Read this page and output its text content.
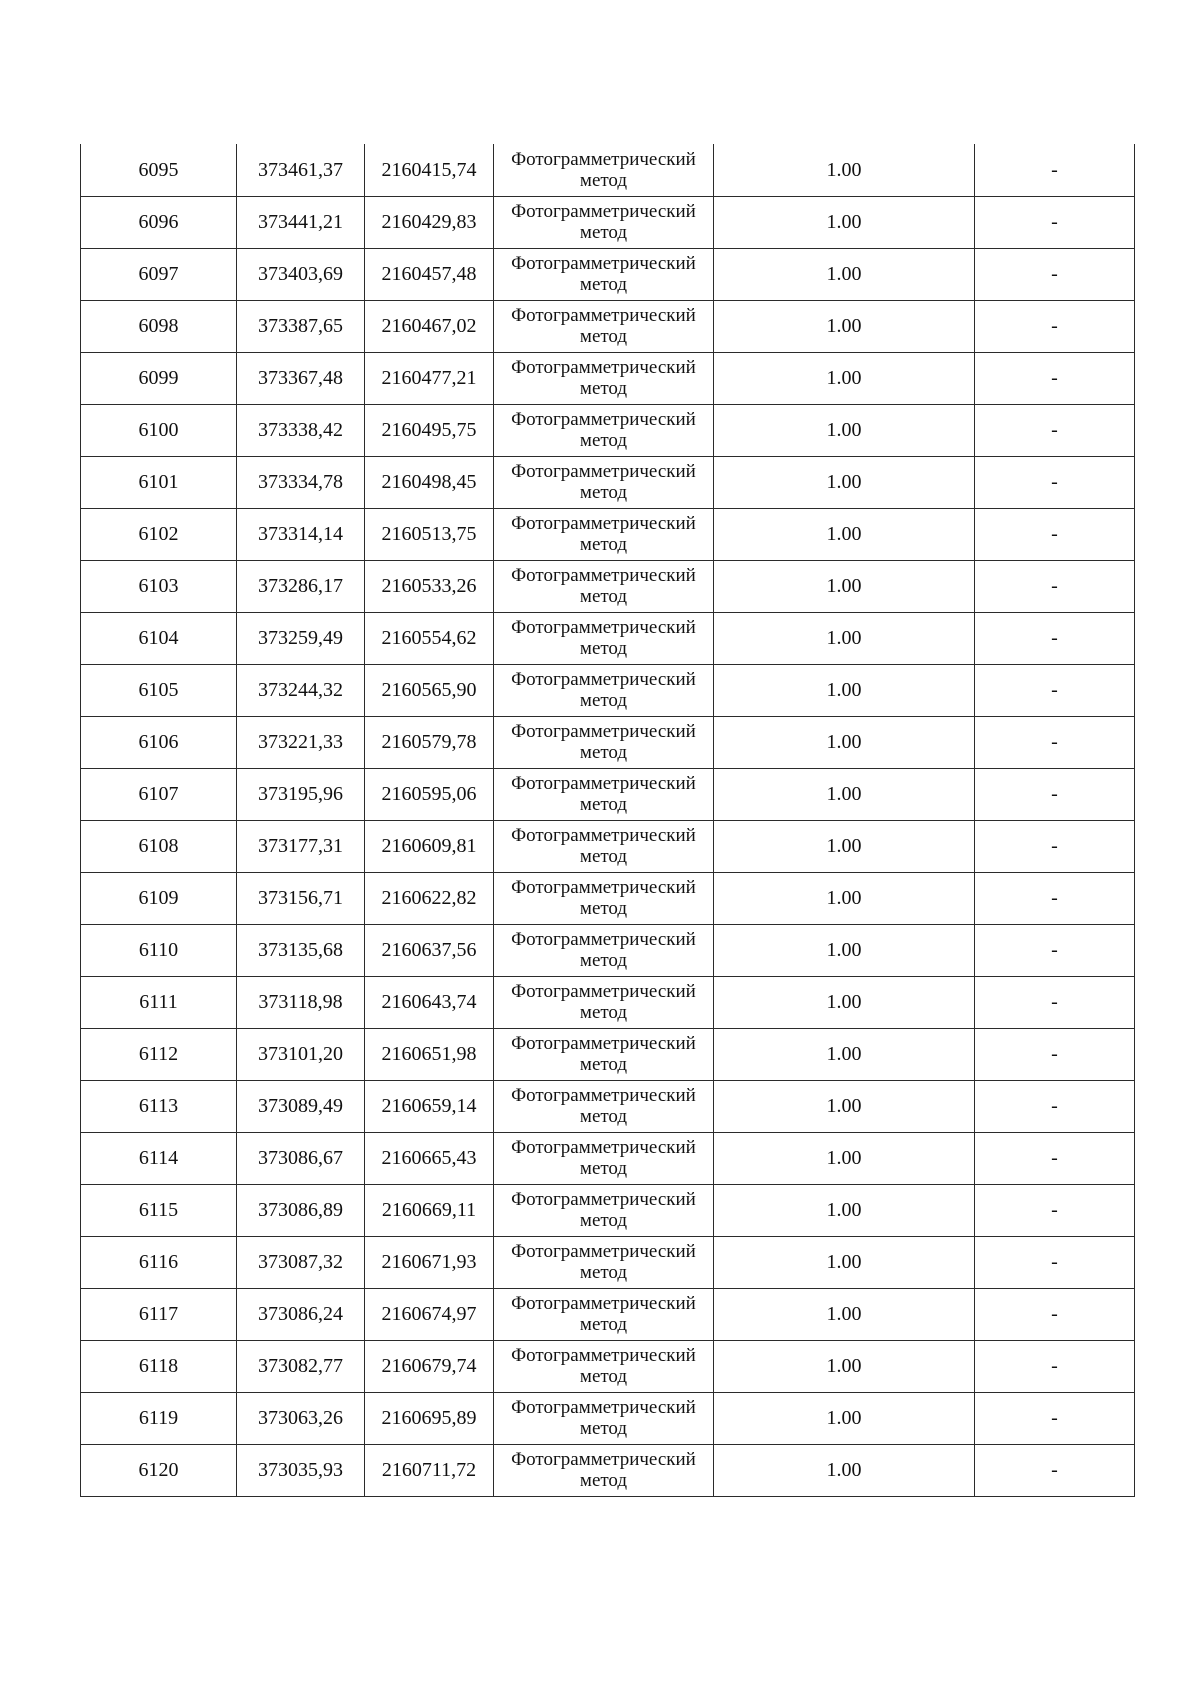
6095	373461,37	2160415,74	Фотограмметрический метод	1.00	-
6096	373441,21	2160429,83	Фотограмметрический метод	1.00	-
6097	373403,69	2160457,48	Фотограмметрический метод	1.00	-
6098	373387,65	2160467,02	Фотограмметрический метод	1.00	-
6099	373367,48	2160477,21	Фотограмметрический метод	1.00	-
6100	373338,42	2160495,75	Фотограмметрический метод	1.00	-
6101	373334,78	2160498,45	Фотограмметрический метод	1.00	-
6102	373314,14	2160513,75	Фотограмметрический метод	1.00	-
6103	373286,17	2160533,26	Фотограмметрический метод	1.00	-
6104	373259,49	2160554,62	Фотограмметрический метод	1.00	-
6105	373244,32	2160565,90	Фотограмметрический метод	1.00	-
6106	373221,33	2160579,78	Фотограмметрический метод	1.00	-
6107	373195,96	2160595,06	Фотограмметрический метод	1.00	-
6108	373177,31	2160609,81	Фотограмметрический метод	1.00	-
6109	373156,71	2160622,82	Фотограмметрический метод	1.00	-
6110	373135,68	2160637,56	Фотограмметрический метод	1.00	-
6111	373118,98	2160643,74	Фотограмметрический метод	1.00	-
6112	373101,20	2160651,98	Фотограмметрический метод	1.00	-
6113	373089,49	2160659,14	Фотограмметрический метод	1.00	-
6114	373086,67	2160665,43	Фотограмметрический метод	1.00	-
6115	373086,89	2160669,11	Фотограмметрический метод	1.00	-
6116	373087,32	2160671,93	Фотограмметрический метод	1.00	-
6117	373086,24	2160674,97	Фотограмметрический метод	1.00	-
6118	373082,77	2160679,74	Фотограмметрический метод	1.00	-
6119	373063,26	2160695,89	Фотограмметрический метод	1.00	-
6120	373035,93	2160711,72	Фотограмметрический метод	1.00	-
